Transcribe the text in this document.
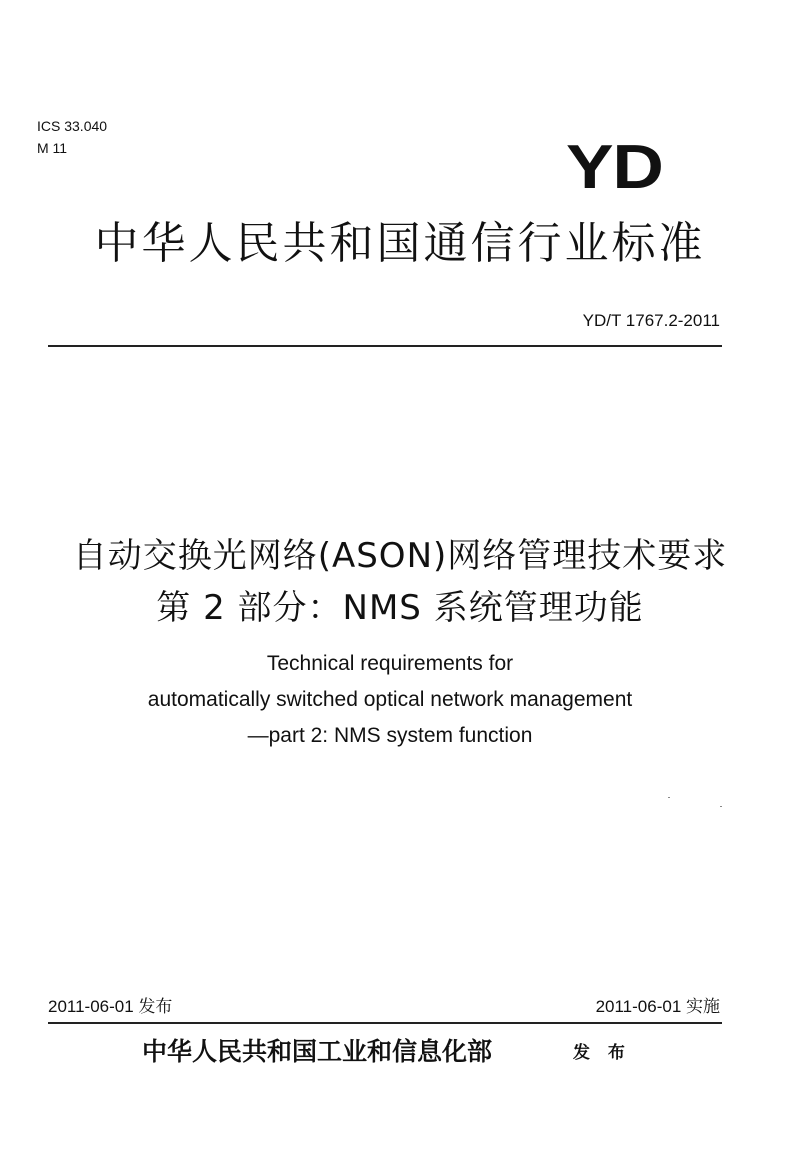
ICS 33.040
M 11	YD
中华人民共和国通信行业标准
YD/T 1767.2-2011
自动交换光网络(ASON)网络管理技术要求
第 2 部分：NMS 系统管理功能
Technical requirements for
automatically switched optical network management
—part 2: NMS system function
2011-06-01 发布	2011-06-01 实施
中华人民共和国工业和信息化部	发 布
